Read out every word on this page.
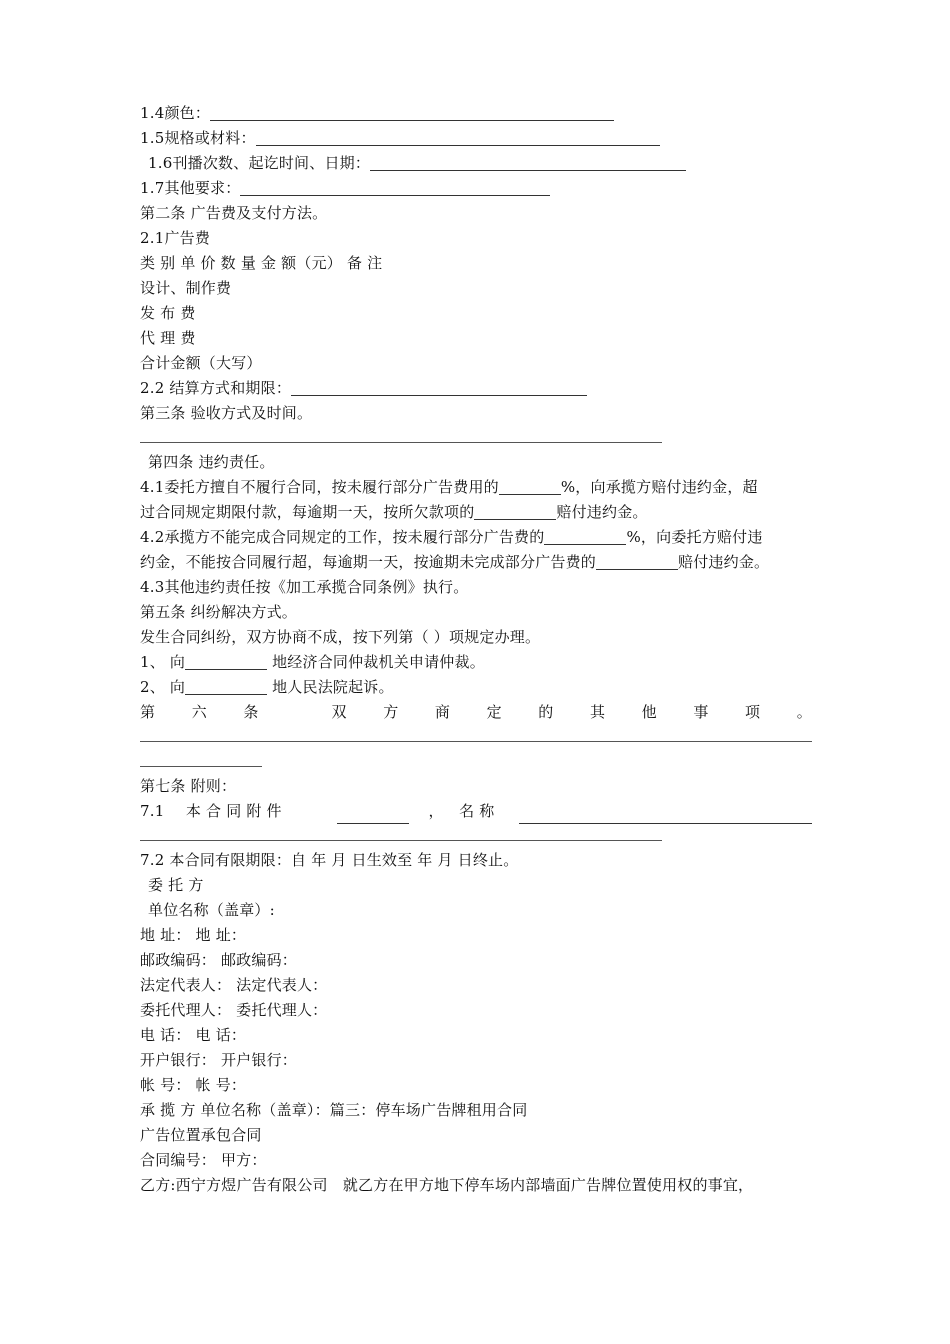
1.4颜色：
1.5规格或材料：
1.6刊播次数、起讫时间、日期：
1.7其他要求：
第二条 广告费及支付方法。
2.1广告费
类 别 单 价 数 量 金 额（元） 备 注
设计、制作费
发 布 费
代 理 费
合计金额（大写）
2.2 结算方式和期限：
第三条 验收方式及时间。
第四条 违约责任。
4.1委托方擅自不履行合同，按未履行部分广告费用的	%，向承揽方赔付违约金，超
过合同规定期限付款，每逾期一天，按所欠款项的	赔付违约金。
4.2承揽方不能完成合同规定的工作，按未履行部分广告费的	%，向委托方赔付违
约金，不能按合同履行超，每逾期一天，按逾期未完成部分广告费的	赔付违约金。
4.3其他违约责任按《加工承揽合同条例》执行。
第五条 纠纷解决方式。
发生合同纠纷，双方协商不成，按下列第（ ）项规定办理。
1、 向	地经济合同仲裁机关申请仲裁。
2、 向	地人民法院起诉。
第 六 条	双 方 商 定 的 其 他 事 项 。
第七条 附则：
7.1	本 合 同 附 件	，	名 称
7.2 本合同有限期限：自 年 月 日生效至 年 月 日终止。
委 托 方
单位名称（盖章）:
地 址： 地 址：
邮政编码： 邮政编码：
法定代表人： 法定代表人：
委托代理人： 委托代理人：
电 话： 电 话：
开户银行： 开户银行：
帐 号： 帐 号：
承 揽 方 单位名称（盖章）：篇三：停车场广告牌租用合同
广告位置承包合同
合同编号： 甲方：
乙方:西宁方煜广告有限公司　就乙方在甲方地下停车场内部墙面广告牌位置使用权的事宜，
